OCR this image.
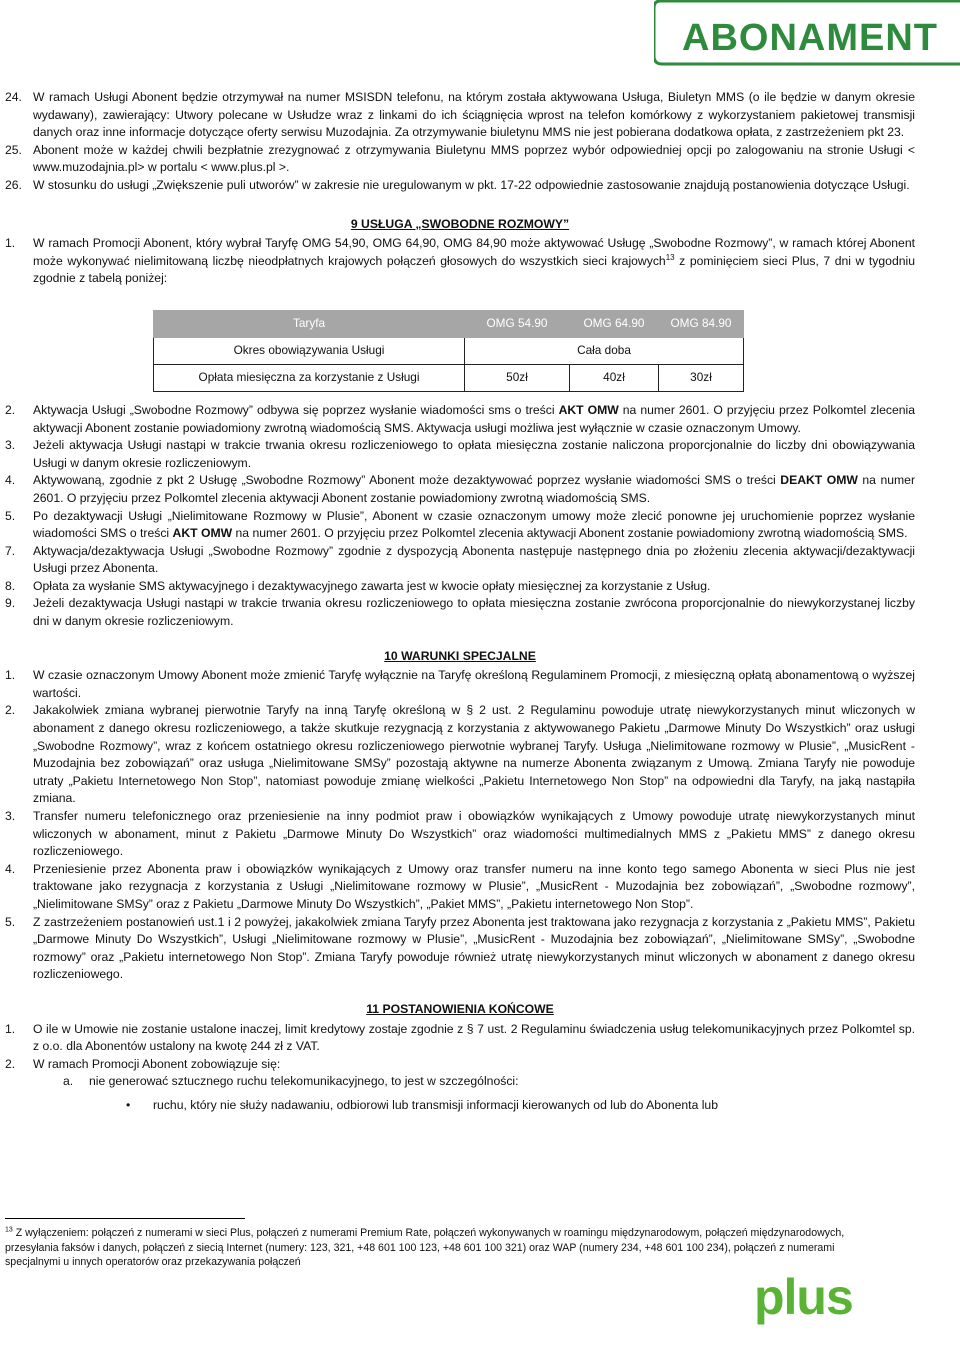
ABONAMENT
24. W ramach Usługi Abonent będzie otrzymywał na numer MSISDN telefonu, na którym została aktywowana Usługa, Biuletyn MMS (o ile będzie w danym okresie wydawany), zawierający: Utwory polecane w Usłudze wraz z linkami do ich ściągnięcia wprost na telefon komórkowy z wykorzystaniem pakietowej transmisji danych oraz inne informacje dotyczące oferty serwisu Muzodajnia. Za otrzymywanie biuletynu MMS nie jest pobierana dodatkowa opłata, z zastrzeżeniem pkt 23.
25. Abonent może w każdej chwili bezpłatnie zrezygnować z otrzymywania Biuletynu MMS poprzez wybór odpowiedniej opcji po zalogowaniu na stronie Usługi < www.muzodajnia.pl> w portalu < www.plus.pl >.
26. W stosunku do usługi „Zwiększenie puli utworów” w zakresie nie uregulowanym w pkt. 17-22 odpowiednie zastosowanie znajdują postanowienia dotyczące Usługi.
9 USŁUGA „SWOBODNE ROZMOWY”
1. W ramach Promocji Abonent, który wybrał Taryfę OMG 54,90, OMG 64,90, OMG 84,90 może aktywować Usługę „Swobodne Rozmowy”, w ramach której Abonent może wykonywać nielimitowaną liczbę nieodpłatnych krajowych połączeń głosowych do wszystkich sieci krajowych$^{13}$ z pominięciem sieci Plus, 7 dni w tygodniu zgodnie z tabelą poniżej:
Taryfa	OMG 54.90	OMG 64.90	OMG 84.90
Okres obowiązywania Usługi	Cała doba		
Opłata miesięczna za korzystanie z Usługi	50zł	40zł	30zł
2. Aktywacja Usługi „Swobodne Rozmowy” odbywa się poprzez wysłanie wiadomości sms o treści AKT OMW na numer 2601. O przyjęciu przez Polkomtel zlecenia aktywacji Abonent zostanie powiadomiony zwrotną wiadomością SMS. Aktywacja usługi możliwa jest wyłącznie w czasie oznaczonym Umowy.
3. Jeżeli aktywacja Usługi nastąpi w trakcie trwania okresu rozliczeniowego to opłata miesięczna zostanie naliczona proporcjonalnie do liczby dni obowiązywania Usługi w danym okresie rozliczeniowym.
4. Aktywowaną, zgodnie z pkt 2 Usługę „Swobodne Rozmowy” Abonent może dezaktywować poprzez wysłanie wiadomości SMS o treści DEAKT OMW na numer 2601. O przyjęciu przez Polkomtel zlecenia aktywacji Abonent zostanie powiadomiony zwrotną wiadomością SMS.
5. Po dezaktywacji Usługi „Nielimitowane Rozmowy w Plusie”, Abonent w czasie oznaczonym umowy może zlecić ponowne jej uruchomienie poprzez wysłanie wiadomości SMS o treści AKT OMW na numer 2601. O przyjęciu przez Polkomtel zlecenia aktywacji Abonent zostanie powiadomiony zwrotną wiadomością SMS.
7. Aktywacja/dezaktywacja Usługi „Swobodne Rozmowy” zgodnie z dyspozycją Abonenta następuje następnego dnia po złożeniu zlecenia aktywacji/dezaktywacji Usługi przez Abonenta.
8. Opłata za wysłanie SMS aktywacyjnego i dezaktywacyjnego zawarta jest w kwocie opłaty miesięcznej za korzystanie z Usług.
9. Jeżeli dezaktywacja Usługi nastąpi w trakcie trwania okresu rozliczeniowego to opłata miesięczna zostanie zwrócona proporcjonalnie do niewykorzystanej liczby dni w danym okresie rozliczeniowym.
10 WARUNKI SPECJALNE
1. W czasie oznaczonym Umowy Abonent może zmienić Taryfę wyłącznie na Taryfę określoną Regulaminem Promocji, z miesięczną opłatą abonamentową o wyższej wartości.
2. Jakakolwiek zmiana wybranej pierwotnie Taryfy na inną Taryfę określoną w § 2 ust. 2 Regulaminu powoduje utratę niewykorzystanych minut wliczonych w abonament z danego okresu rozliczeniowego, a także skutkuje rezygnacją z korzystania z aktywowanego Pakietu „Darmowe Minuty Do Wszystkich” oraz usługi „Swobodne Rozmowy”, wraz z końcem ostatniego okresu rozliczeniowego pierwotnie wybranej Taryfy. Usługa „Nielimitowane rozmowy w Plusie”, „MusicRent - Muzodajnia bez zobowiązań” oraz usługa „Nielimitowane SMSy” pozostają aktywne na numerze Abonenta związanym z Umową. Zmiana Taryfy nie powoduje utraty „Pakietu Internetowego Non Stop”, natomiast powoduje zmianę wielkości „Pakietu Internetowego Non Stop” na odpowiedni dla Taryfy, na jaką nastąpiła zmiana.
3. Transfer numeru telefonicznego oraz przeniesienie na inny podmiot praw i obowiązków wynikających z Umowy powoduje utratę niewykorzystanych minut wliczonych w abonament, minut z Pakietu „Darmowe Minuty Do Wszystkich” oraz wiadomości multimedialnych MMS z „Pakietu MMS” z danego okresu rozliczeniowego.
4. Przeniesienie przez Abonenta praw i obowiązków wynikających z Umowy oraz transfer numeru na inne konto tego samego Abonenta w sieci Plus nie jest traktowane jako rezygnacja z korzystania z Usługi „Nielimitowane rozmowy w Plusie”, „MusicRent - Muzodajnia bez zobowiązań”, „Swobodne rozmowy”, „Nielimitowane SMSy” oraz z Pakietu „Darmowe Minuty Do Wszystkich”, „Pakiet MMS”, „Pakietu internetowego Non Stop”.
5. Z zastrzeżeniem postanowień ust.1 i 2 powyżej, jakakolwiek zmiana Taryfy przez Abonenta jest traktowana jako rezygnacja z korzystania z „Pakietu MMS”, Pakietu „Darmowe Minuty Do Wszystkich”, Usługi „Nielimitowane rozmowy w Plusie”, „MusicRent - Muzodajnia bez zobowiązań”, „Nielimitowane SMSy”, „Swobodne rozmowy” oraz „Pakietu internetowego Non Stop”. Zmiana Taryfy powoduje również utratę niewykorzystanych minut wliczonych w abonament z danego okresu rozliczeniowego.
11 POSTANOWIENIA KOŃCOWE
1. O ile w Umowie nie zostanie ustalone inaczej, limit kredytowy zostaje zgodnie z § 7 ust. 2 Regulaminu świadczenia usług telekomunikacyjnych przez Polkomtel sp. z o.o. dla Abonentów ustalony na kwotę 244 zł z VAT.
2. W ramach Promocji Abonent zobowiązuje się:
a. nie generować sztucznego ruchu telekomunikacyjnego, to jest w szczególności:
• ruchu, który nie służy nadawaniu, odbiorowi lub transmisji informacji kierowanych od lub do Abonenta lub
$^{13}$ Z wyłączeniem: połączeń z numerami w sieci Plus, połączeń z numerami Premium Rate, połączeń wykonywanych w roamingu międzynarodowym, połączeń międzynarodowych, przesyłania faksów i danych, połączeń z siecią Internet (numery: 123, 321, +48 601 100 123, +48 601 100 321) oraz WAP (numery 234, +48 601 100 234), połączeń z numerami specjalnymi u innych operatorów oraz przekazywania połączeń
plus
